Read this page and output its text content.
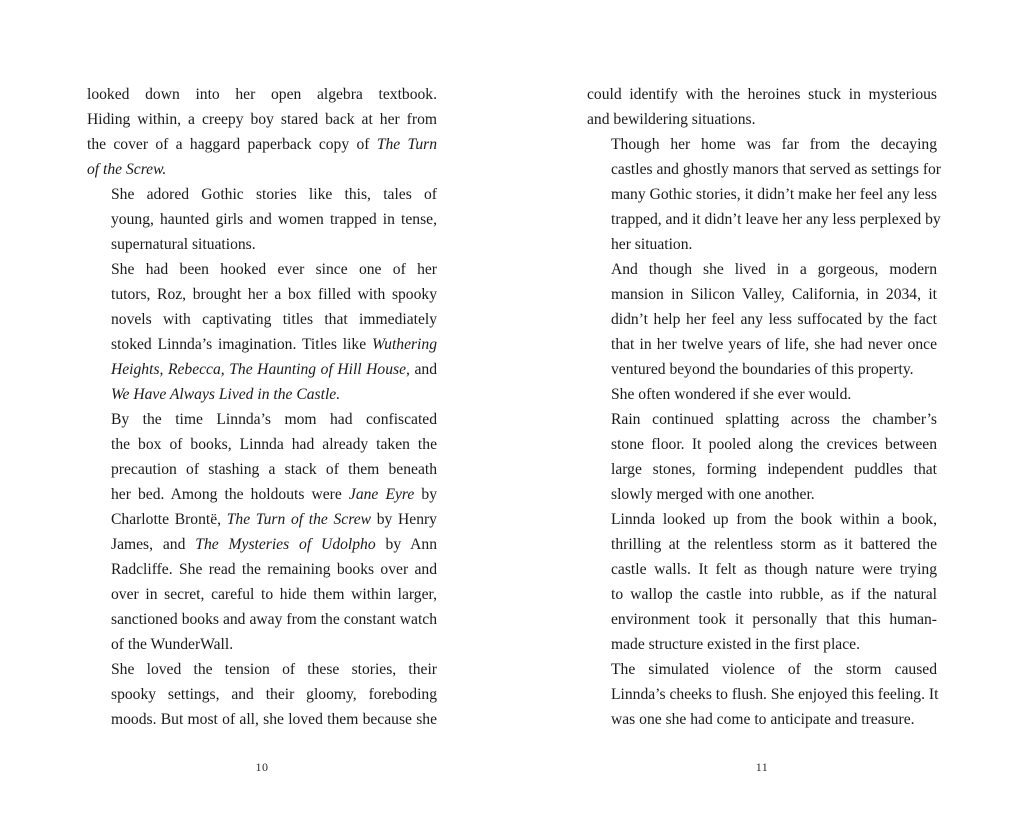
looked down into her open algebra textbook.
Hiding within, a creepy boy stared back at her from
the cover of a haggard paperback copy of The Turn
of the Screw.

She adored Gothic stories like this, tales of
young, haunted girls and women trapped in tense,
supernatural situations.

She had been hooked ever since one of her
tutors, Roz, brought her a box filled with spooky
novels with captivating titles that immediately
stoked Linnda’s imagination. Titles like Wuthering
Heights, Rebecca, The Haunting of Hill House, and
We Have Always Lived in the Castle.

By the time Linnda’s mom had confiscated
the box of books, Linnda had already taken the
precaution of stashing a stack of them beneath
her bed. Among the holdouts were Jane Eyre by
Charlotte Brontë, The Turn of the Screw by Henry
James, and The Mysteries of Udolpho by Ann
Radcliffe. She read the remaining books over and
over in secret, careful to hide them within larger,
sanctioned books and away from the constant watch
of the WunderWall.

She loved the tension of these stories, their
spooky settings, and their gloomy, foreboding
moods. But most of all, she loved them because she

could identify with the heroines stuck in mysterious
and bewildering situations.

Though her home was far from the decaying
castles and ghostly manors that served as settings for
many Gothic stories, it didn’t make her feel any less
trapped, and it didn’t leave her any less perplexed by
her situation.

And though she lived in a gorgeous, modern
mansion in Silicon Valley, California, in 2034, it
didn’t help her feel any less suffocated by the fact
that in her twelve years of life, she had never once
ventured beyond the boundaries of this property.

She often wondered if she ever would.

Rain continued splatting across the chamber’s
stone floor. It pooled along the crevices between
large stones, forming independent puddles that
slowly merged with one another.

Linnda looked up from the book within a book,
thrilling at the relentless storm as it battered the
castle walls. It felt as though nature were trying
to wallop the castle into rubble, as if the natural
environment took it personally that this human-
made structure existed in the first place.

The simulated violence of the storm caused
Linnda’s cheeks to flush. She enjoyed this feeling. It
was one she had come to anticipate and treasure.

10	11
